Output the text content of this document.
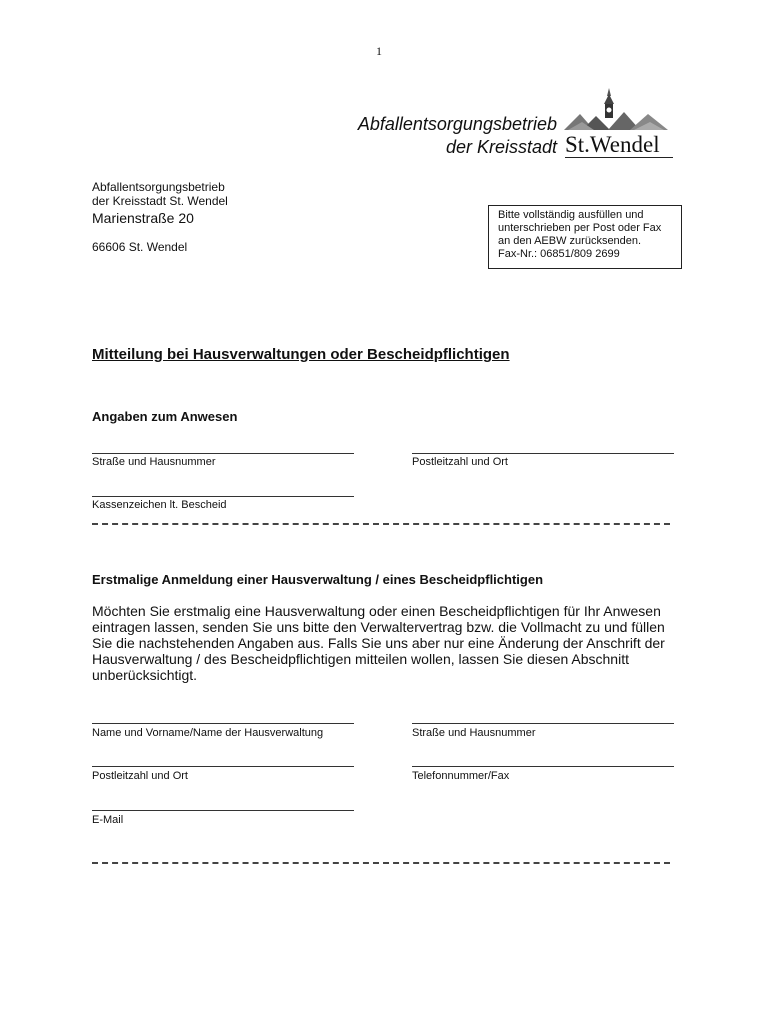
1
Abfallentsorgungsbetrieb
der Kreisstadt St.Wendel
Abfallentsorgungsbetrieb
der Kreisstadt St. Wendel
Marienstraße 20
66606 St. Wendel
Bitte vollständig ausfüllen und
unterschrieben per Post oder Fax
an den AEBW zurücksenden.
Fax-Nr.: 06851/809 2699
Mitteilung bei Hausverwaltungen oder Bescheidpflichtigen
Angaben zum Anwesen
Straße und Hausnummer	Postleitzahl und Ort
Kassenzeichen lt. Bescheid
Erstmalige Anmeldung einer Hausverwaltung / eines Bescheidpflichtigen
Möchten Sie erstmalig eine Hausverwaltung oder einen Bescheidpflichtigen für Ihr Anwesen
eintragen lassen, senden Sie uns bitte den Verwaltervertrag bzw. die Vollmacht zu und füllen
Sie die nachstehenden Angaben aus. Falls Sie uns aber nur eine Änderung der Anschrift der
Hausverwaltung / des Bescheidpflichtigen mitteilen wollen, lassen Sie diesen Abschnitt
unberücksichtigt.
Name und Vorname/Name der Hausverwaltung	Straße und Hausnummer
Postleitzahl und Ort	Telefonnummer/Fax
E-Mail
